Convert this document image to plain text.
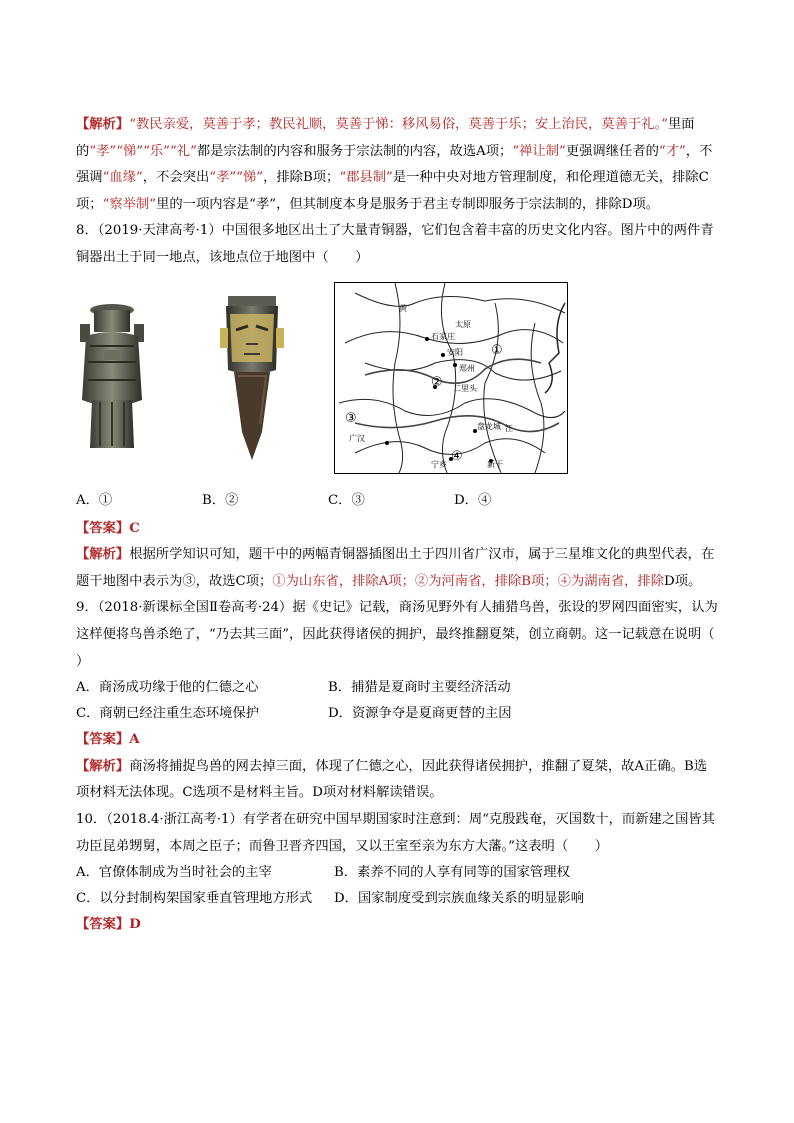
【解析】“教民亲爱，莫善于孝；教民礼顺，莫善于悌：移风易俗，莫善于乐；安上治民，莫善于礼。”里面的“孝”“悌”“乐”“礼”都是宗法制的内容和服务于宗法制的内容，故选A项；“禅让制”更强调继任者的“才”，不强调“血缘”，不会突出“孝”“悌”，排除B项；“郡县制”是一种中央对地方管理制度，和伦理道德无关，排除C项；“察举制”里的一项内容是“孝”，但其制度本身是服务于君主专制即服务于宗法制的，排除D项。

8．（2019·天津高考·1）中国很多地区出土了大量青铜器，它们包含着丰富的历史文化内容。图片中的两件青铜器出土于同一地点，该地点位于地图中（　　）

黄
江
石家庄
太原
安阳
郑州
二里头
广汉
盘龙城
宁乡	新干
①
②
③
④
A．①	B．②	C．③	D．④

【答案】C

【解析】根据所学知识可知，题干中的两幅青铜器插图出土于四川省广汉市，属于三星堆文化的典型代表，在题干地图中表示为③，故选C项；①为山东省，排除A项；②为河南省，排除B项；④为湖南省，排除D项。

9．（2018·新课标全国Ⅱ卷高考·24）据《史记》记载，商汤见野外有人捕猎鸟兽，张设的罗网四面密实，认为这样便将鸟兽杀绝了，“乃去其三面”，因此获得诸侯的拥护，最终推翻夏桀，创立商朝。这一记载意在说明（　　）

A．商汤成功缘于他的仁德之心	B．捕猎是夏商时主要经济活动
C．商朝已经注重生态环境保护	D．资源争夺是夏商更替的主因

【答案】A

【解析】商汤将捕捉鸟兽的网去掉三面，体现了仁德之心，因此获得诸侯拥护，推翻了夏桀，故A正确。B选项材料无法体现。C选项不是材料主旨。D项对材料解读错误。

10．（2018.4·浙江高考·1）有学者在研究中国早期国家时注意到：周“克殷践奄，灭国数十，而新建之国皆其功臣昆弟甥舅，本周之臣子；而鲁卫晋齐四国，又以王室至亲为东方大藩。”这表明（　　）

A．官僚体制成为当时社会的主宰	B．素养不同的人享有同等的国家管理权
C．以分封制构架国家垂直管理地方形式	D．国家制度受到宗族血缘关系的明显影响

【答案】D
